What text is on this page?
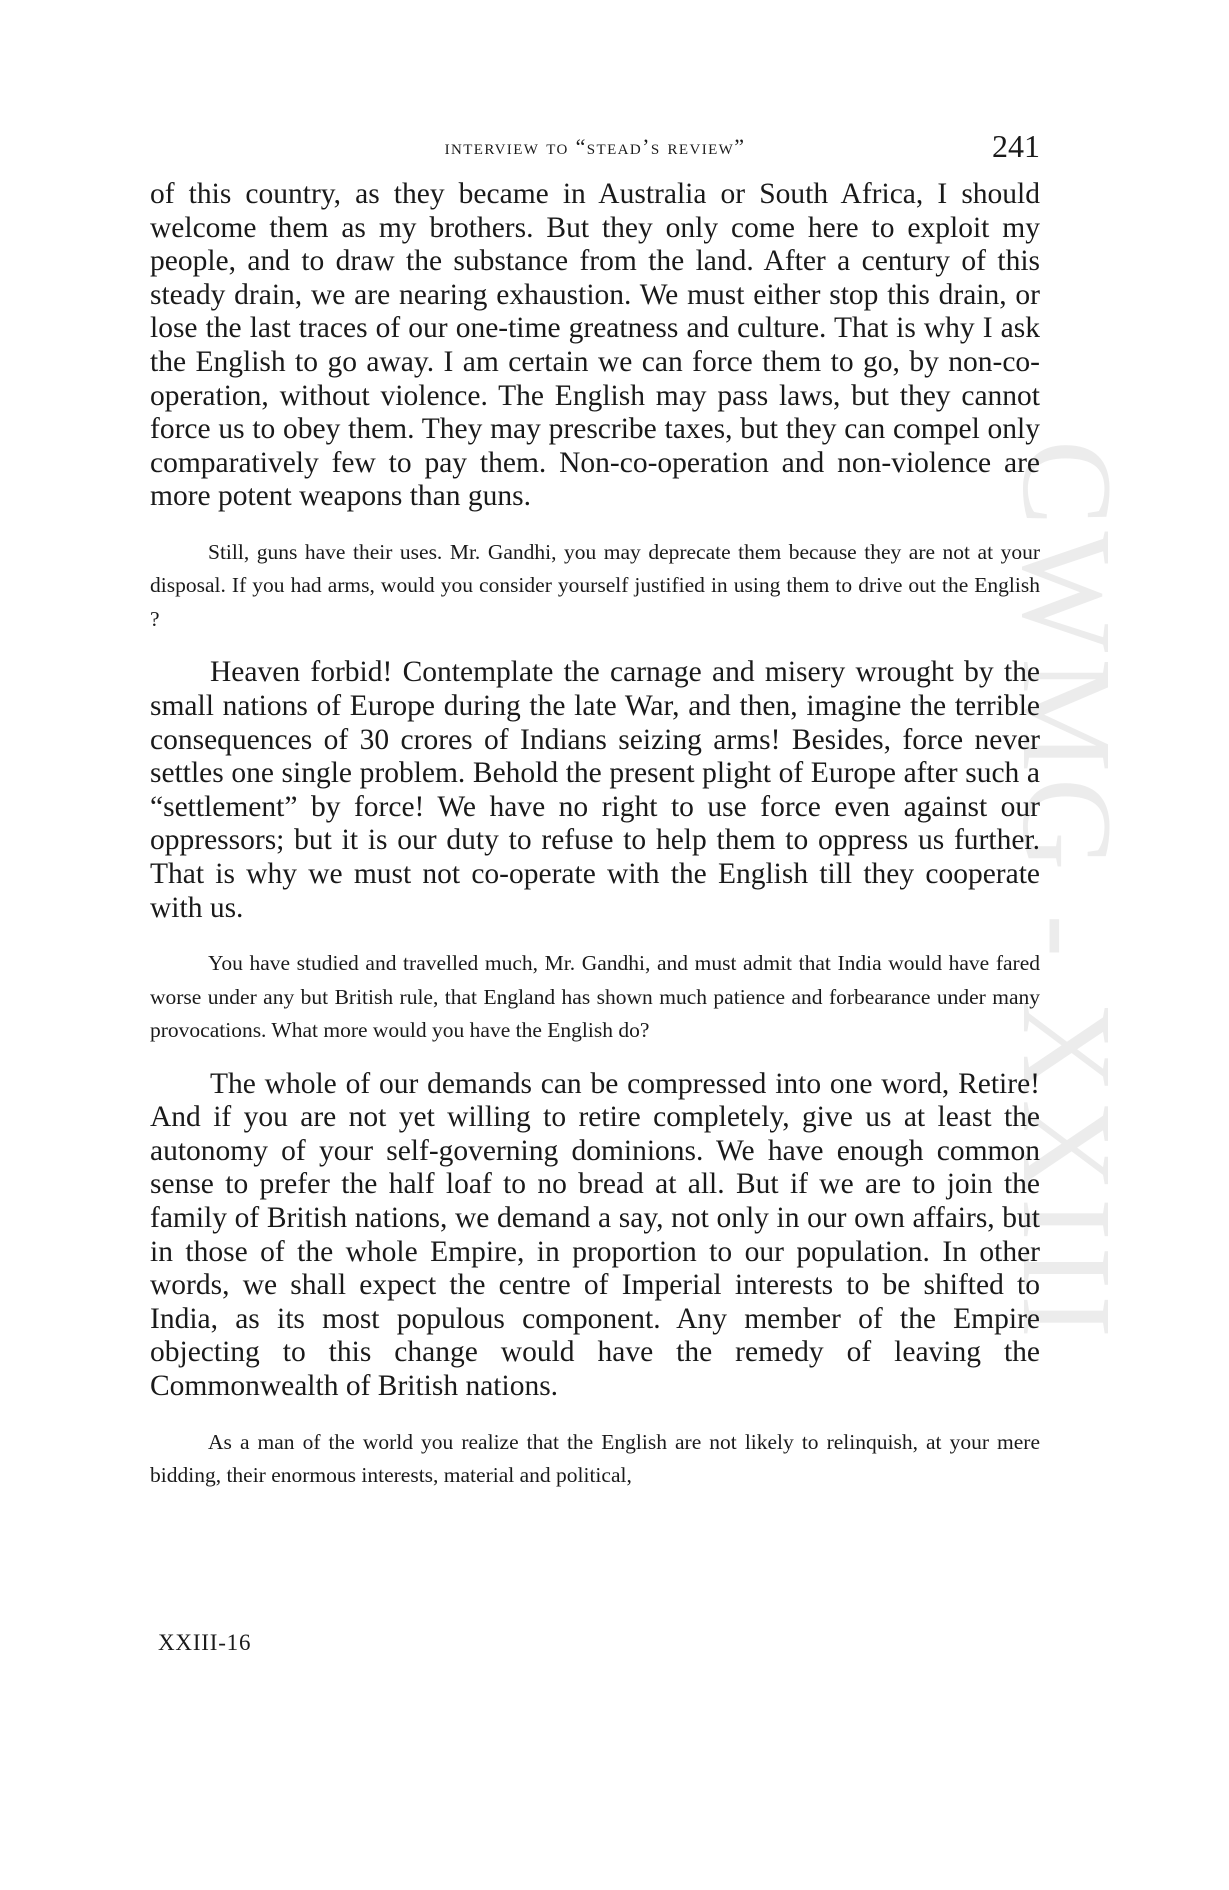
CWMG - XXIII
interview to “stead’s review”	241

of this country, as they became in Australia or South Africa, I should welcome them as my brothers. But they only come here to exploit my people, and to draw the substance from the land. After a century of this steady drain, we are nearing exhaustion. We must either stop this drain, or lose the last traces of our one-time greatness and culture. That is why I ask the English to go away. I am certain we can force them to go, by non-co-operation, without violence. The English may pass laws, but they cannot force us to obey them. They may prescribe taxes, but they can compel only comparatively few to pay them. Non-co-operation and non-violence are more potent weapons than guns.

Still, guns have their uses. Mr. Gandhi, you may deprecate them because they are not at your disposal. If you had arms, would you consider yourself justified in using them to drive out the English ?

Heaven forbid! Contemplate the carnage and misery wrought by the small nations of Europe during the late War, and then, imagine the terrible consequences of 30 crores of Indians seizing arms! Besides, force never settles one single problem. Behold the present plight of Europe after such a “settlement” by force! We have no right to use force even against our oppressors; but it is our duty to refuse to help them to oppress us further. That is why we must not co-operate with the English till they cooperate with us.

You have studied and travelled much, Mr. Gandhi, and must admit that India would have fared worse under any but British rule, that England has shown much patience and forbearance under many provocations. What more would you have the English do?

The whole of our demands can be compressed into one word, Retire! And if you are not yet willing to retire completely, give us at least the autonomy of your self-governing dominions. We have enough common sense to prefer the half loaf to no bread at all. But if we are to join the family of British nations, we demand a say, not only in our own affairs, but in those of the whole Empire, in proportion to our population. In other words, we shall expect the centre of Imperial interests to be shifted to India, as its most populous component. Any member of the Empire objecting to this change would have the remedy of leaving the Commonwealth of British nations.

As a man of the world you realize that the English are not likely to relinquish, at your mere bidding, their enormous interests, material and political,

XXIII-16
